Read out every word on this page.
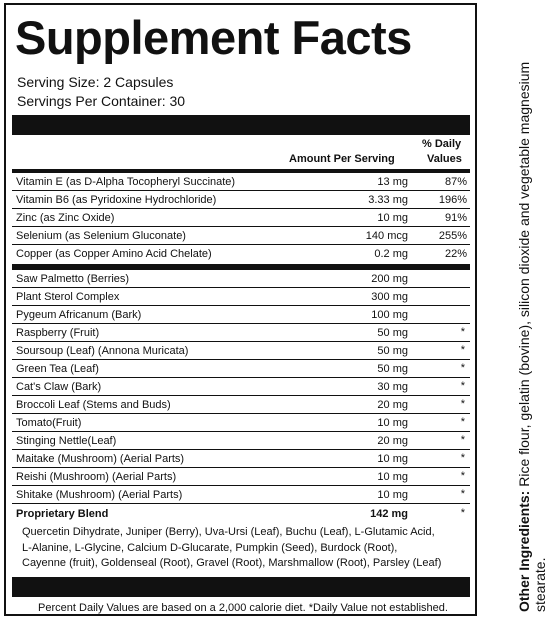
Supplement Facts
Serving Size: 2 Capsules
Servings Per Container: 30
Amount Per Serving
% Daily
Values
Vitamin E (as D-Alpha Tocopheryl Succinate)	13 mg	87%
Vitamin B6 (as Pyridoxine Hydrochloride)	3.33 mg	196%
Zinc (as Zinc Oxide)	10 mg	91%
Selenium (as Selenium Gluconate)	140 mcg	255%
Copper (as Copper Amino Acid Chelate)	0.2 mg	22%
Saw Palmetto (Berries)	200 mg
Plant Sterol Complex	300 mg
Pygeum Africanum (Bark)	100 mg
Raspberry (Fruit)	50 mg	*
Soursoup (Leaf) (Annona Muricata)	50 mg	*
Green Tea (Leaf)	50 mg	*
Cat's Claw (Bark)	30 mg	*
Broccoli Leaf (Stems and Buds)	20 mg	*
Tomato(Fruit)	10 mg	*
Stinging Nettle(Leaf)	20 mg	*
Maitake (Mushroom) (Aerial Parts)	10 mg	*
Reishi (Mushroom) (Aerial Parts)	10 mg	*
Shitake (Mushroom) (Aerial Parts)	10 mg	*
Proprietary Blend	142 mg	*
Quercetin Dihydrate, Juniper (Berry), Uva-Ursi (Leaf), Buchu (Leaf), L-Glutamic Acid,
L-Alanine, L-Glycine, Calcium D-Glucarate, Pumpkin (Seed), Burdock (Root),
Cayenne (fruit), Goldenseal (Root), Gravel (Root), Marshmallow (Root), Parsley (Leaf)
Percent Daily Values are based on a 2,000 calorie diet. *Daily Value not established.	Other Ingredients: Rice flour, gelatin (bovine), silicon dioxide and vegetable magnesium stearate.
